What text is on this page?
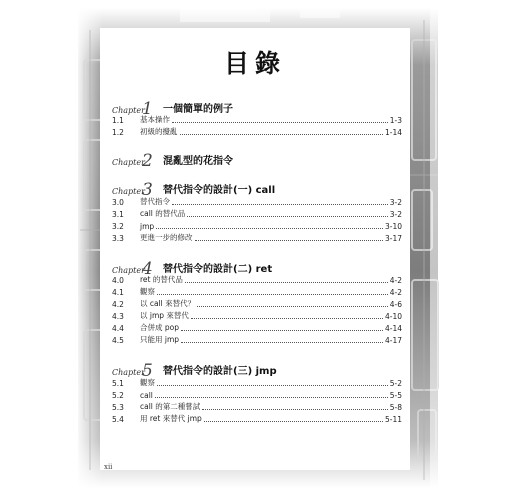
目錄
Chapter
1 一個簡單的例子
1.1	基本操作	1-3
1.2	初級的攪亂	1-14
Chapter
2 混亂型的花指令
Chapter
3 替代指令的設計(一) call
3.0	替代指令	3-2
3.1	call 的替代品	3-2
3.2	jmp	3-10
3.3	更進一步的修改	3-17
Chapter
4 替代指令的設計(二) ret
4.0	ret 的替代品	4-2
4.1	觀察	4-2
4.2	以 call 來替代？	4-6
4.3	以 jmp 來替代	4-10
4.4	合併成 pop	4-14
4.5	只能用 jmp	4-17
Chapter
5 替代指令的設計(三) jmp
5.1	觀察	5-2
5.2	call	5-5
5.3	call 的第二種嘗試	5-8
5.4	用 ret 來替代 jmp	5-11
xii
